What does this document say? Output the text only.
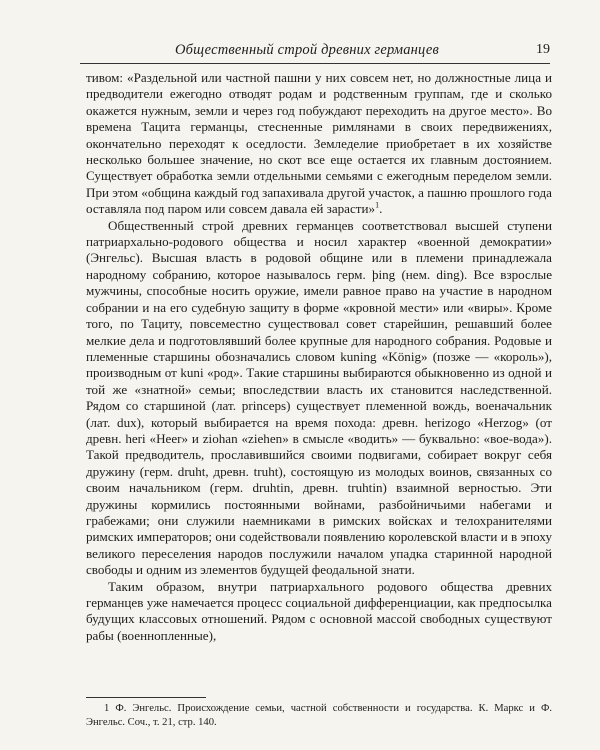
Общественный строй древних германцев	19

тивом: «Раздельной или частной пашни у них совсем нет, но должностные лица и предводители ежегодно отводят родам и родственным группам, где и сколько окажется нужным, земли и через год побуждают переходить на другое место». Во времена Тацита германцы, стесненные римлянами в своих передвижениях, окончательно переходят к оседлости. Земледелие приобретает в их хозяйстве несколько большее значение, но скот все еще остается их главным достоянием. Существует обработка земли отдельными семьями с ежегодным переделом земли. При этом «община каждый год запахивала другой участок, а пашню прошлого года оставляла под паром или совсем давала ей зарасти»$^1$.

Общественный строй древних германцев соответствовал высшей ступени патриархально-родового общества и носил характер «военной демократии» (Энгельс). Высшая власть в родовой общине или в племени принадлежала народному собранию, которое называлось герм. þing (нем. ding). Все взрослые мужчины, способные носить оружие, имели равное право на участие в народном собрании и на его судебную защиту в форме «кровной мести» или «виры». Кроме того, по Тациту, повсеместно существовал совет старейшин, решавший более мелкие дела и подготовлявший более крупные для народного собрания. Родовые и племенные старшины обозначались словом kuning «König» (позже — «король»), производным от kuni «род». Такие старшины выбираются обыкновенно из одной и той же «знатной» семьи; впоследствии власть их становится наследственной. Рядом со старшиной (лат. princeps) существует племенной вождь, военачальник (лат. dux), который выбирается на время похода: древн. herizogo «Herzog» (от древн. heri «Heer» и ziohan «ziehen» в смысле «водить» — буквально: «вое-вода»). Такой предводитель, прославившийся своими подвигами, собирает вокруг себя дружину (герм. druht, древн. truht), состоящую из молодых воинов, связанных со своим начальником (герм. druhtin, древн. truhtin) взаимной верностью. Эти дружины кормились постоянными войнами, разбойничьими набегами и грабежами; они служили наемниками в римских войсках и телохранителями римских императоров; они содействовали появлению королевской власти и в эпоху великого переселения народов послужили началом упадка старинной народной свободы и одним из элементов будущей феодальной знати.

Таким образом, внутри патриархального родового общества древних германцев уже намечается процесс социальной дифференциации, как предпосылка будущих классовых отношений. Рядом с основной массой свободных существуют рабы (военнопленные),

1 Ф. Энгельс. Происхождение семьи, частной собственности и государства. К. Маркс и Ф. Энгельс. Соч., т. 21, стр. 140.
